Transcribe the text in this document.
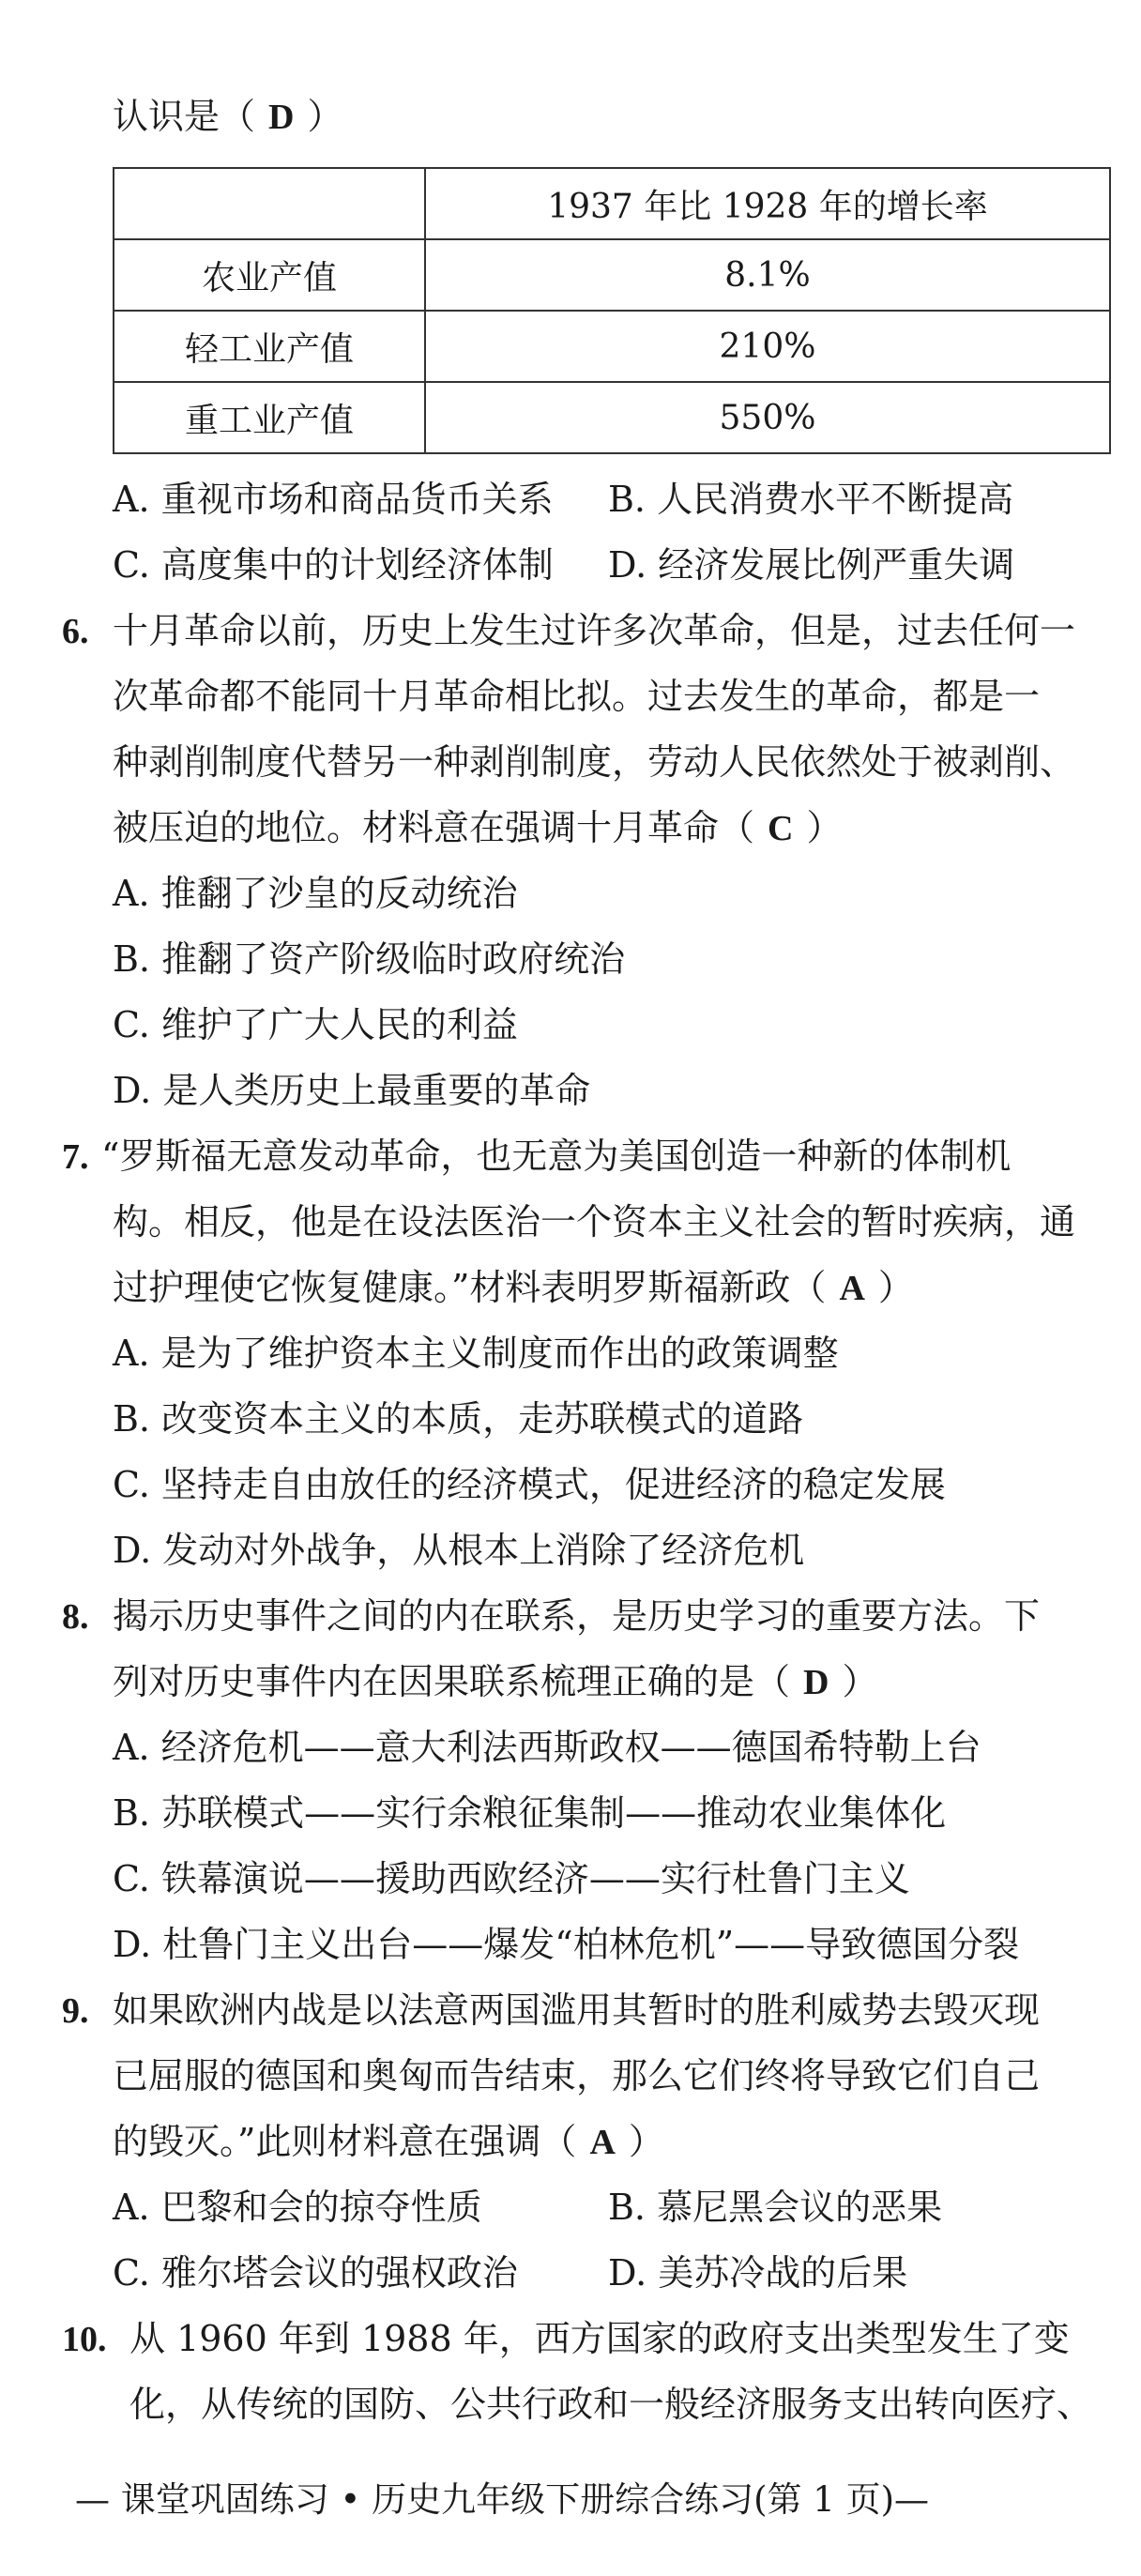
认识是（ D ）
	1937 年比 1928 年的增长率
农业产值	8.1%
轻工业产值	210%
重工业产值	550%
A. 重视市场和商品货币关系 B. 人民消费水平不断提高
C. 高度集中的计划经济体制 D. 经济发展比例严重失调
6. 十月革命以前，历史上发生过许多次革命，但是，过去任何一
次革命都不能同十月革命相比拟。过去发生的革命，都是一
种剥削制度代替另一种剥削制度，劳动人民依然处于被剥削、
被压迫的地位。材料意在强调十月革命（ C ）
A. 推翻了沙皇的反动统治
B. 推翻了资产阶级临时政府统治
C. 维护了广大人民的利益
D. 是人类历史上最重要的革命
7. “罗斯福无意发动革命，也无意为美国创造一种新的体制机
构。相反，他是在设法医治一个资本主义社会的暂时疾病，通
过护理使它恢复健康。”材料表明罗斯福新政（ A ）
A. 是为了维护资本主义制度而作出的政策调整
B. 改变资本主义的本质，走苏联模式的道路
C. 坚持走自由放任的经济模式，促进经济的稳定发展
D. 发动对外战争，从根本上消除了经济危机
8. 揭示历史事件之间的内在联系，是历史学习的重要方法。下
列对历史事件内在因果联系梳理正确的是（ D ）
A. 经济危机——意大利法西斯政权——德国希特勒上台
B. 苏联模式——实行余粮征集制——推动农业集体化
C. 铁幕演说——援助西欧经济——实行杜鲁门主义
D. 杜鲁门主义出台——爆发“柏林危机”——导致德国分裂
9. 如果欧洲内战是以法意两国滥用其暂时的胜利威势去毁灭现
已屈服的德国和奥匈而告结束，那么它们终将导致它们自己
的毁灭。”此则材料意在强调（ A ）
A. 巴黎和会的掠夺性质	B. 慕尼黑会议的恶果
C. 雅尔塔会议的强权政治	D. 美苏冷战的后果
10. 从 1960 年到 1988 年，西方国家的政府支出类型发生了变
化，从传统的国防、公共行政和一般经济服务支出转向医疗、
— 课堂巩固练习 • 历史九年级下册综合练习(第 1 页)—
